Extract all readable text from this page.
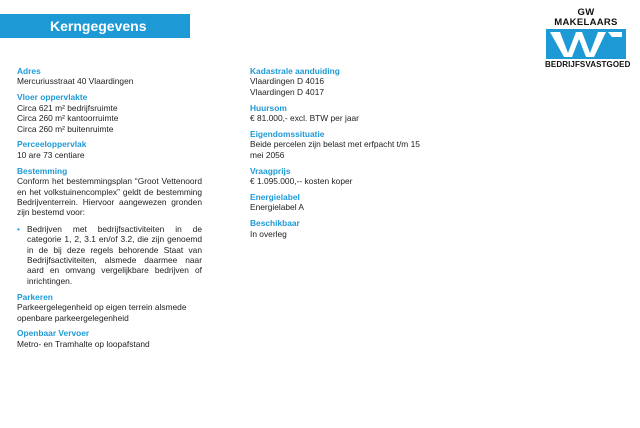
Kerngegevens
GW MAKELAARS
BEDRIJFSVASTGOED
Adres
Mercuriusstraat 40 Vlaardingen
Vloer oppervlakte
Circa 621 m² bedrijfsruimte
Circa 260 m² kantoorruimte
Circa 260 m² buitenruimte
Perceeloppervlak
10 are 73 centiare
Bestemming
Conform het bestemmingsplan “Groot Vettenoord en het volkstuinencomplex” geldt de bestemming Bedrijventerrein. Hiervoor aangewezen gronden zijn bestemd voor:
• Bedrijven met bedrijfsactiviteiten in de categorie 1, 2, 3.1 en/of 3.2, die zijn genoemd in de bij deze regels behorende Staat van Bedrijfsactiviteiten, alsmede daarmee naar aard en omvang vergelijkbare bedrijven of inrichtingen.
Parkeren
Parkeergelegenheid op eigen terrein alsmede
openbare parkeergelegenheid
Openbaar Vervoer
Metro- en Tramhalte op loopafstand
Kadastrale aanduiding
Vlaardingen D 4016
Vlaardingen D 4017
Huursom
€ 81.000,- excl. BTW per jaar
Eigendomssituatie
Beide percelen zijn belast met erfpacht t/m 15 mei 2056
Vraagprijs
€ 1.095.000,-- kosten koper
Energielabel
Energielabel A
Beschikbaar
In overleg
